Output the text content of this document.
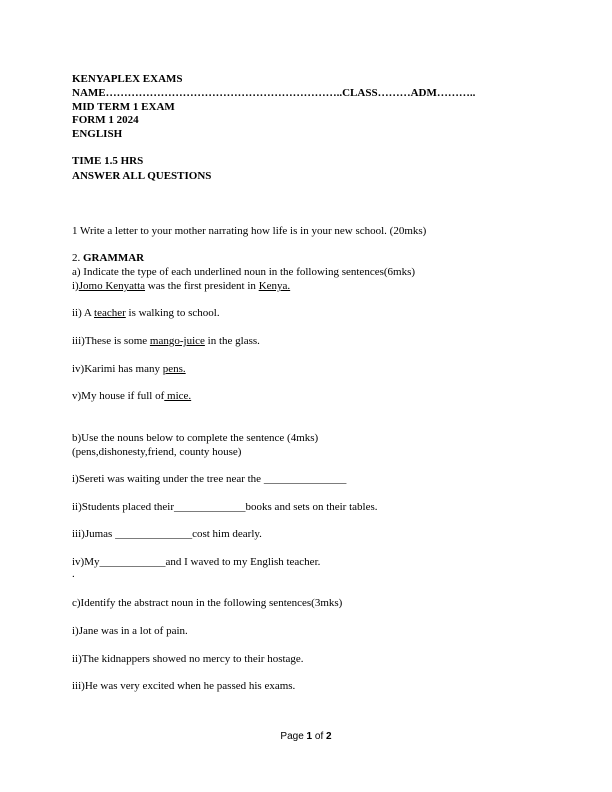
KENYAPLEX EXAMS
NAME………………………………………………………..CLASS………ADM………..
MID TERM 1 EXAM
FORM 1 2024
ENGLISH
TIME 1.5 HRS
ANSWER ALL QUESTIONS
1 Write a letter to your mother narrating how life is in your new school. (20mks)
2. GRAMMAR
a) Indicate the type of each underlined noun in the following sentences(6mks)
i)Jomo Kenyatta was the first president in Kenya.
ii) A teacher is walking to school.
iii)These is some mango-juice in the glass.
iv)Karimi has many pens.
v)My house if full of mice.
b)Use the nouns below to complete the sentence (4mks)
(pens,dishonesty,friend, county house)
i)Sereti was waiting under the tree near the _______________
ii)Students placed their_____________books and sets on their tables.
iii)Jumas ______________cost him dearly.
iv)My____________and I waved to my English teacher.
.
c)Identify the abstract noun in the following sentences(3mks)
i)Jane was in a lot of pain.
ii)The kidnappers showed no mercy to their hostage.
iii)He was very excited when he passed his exams.
Page 1 of 2
